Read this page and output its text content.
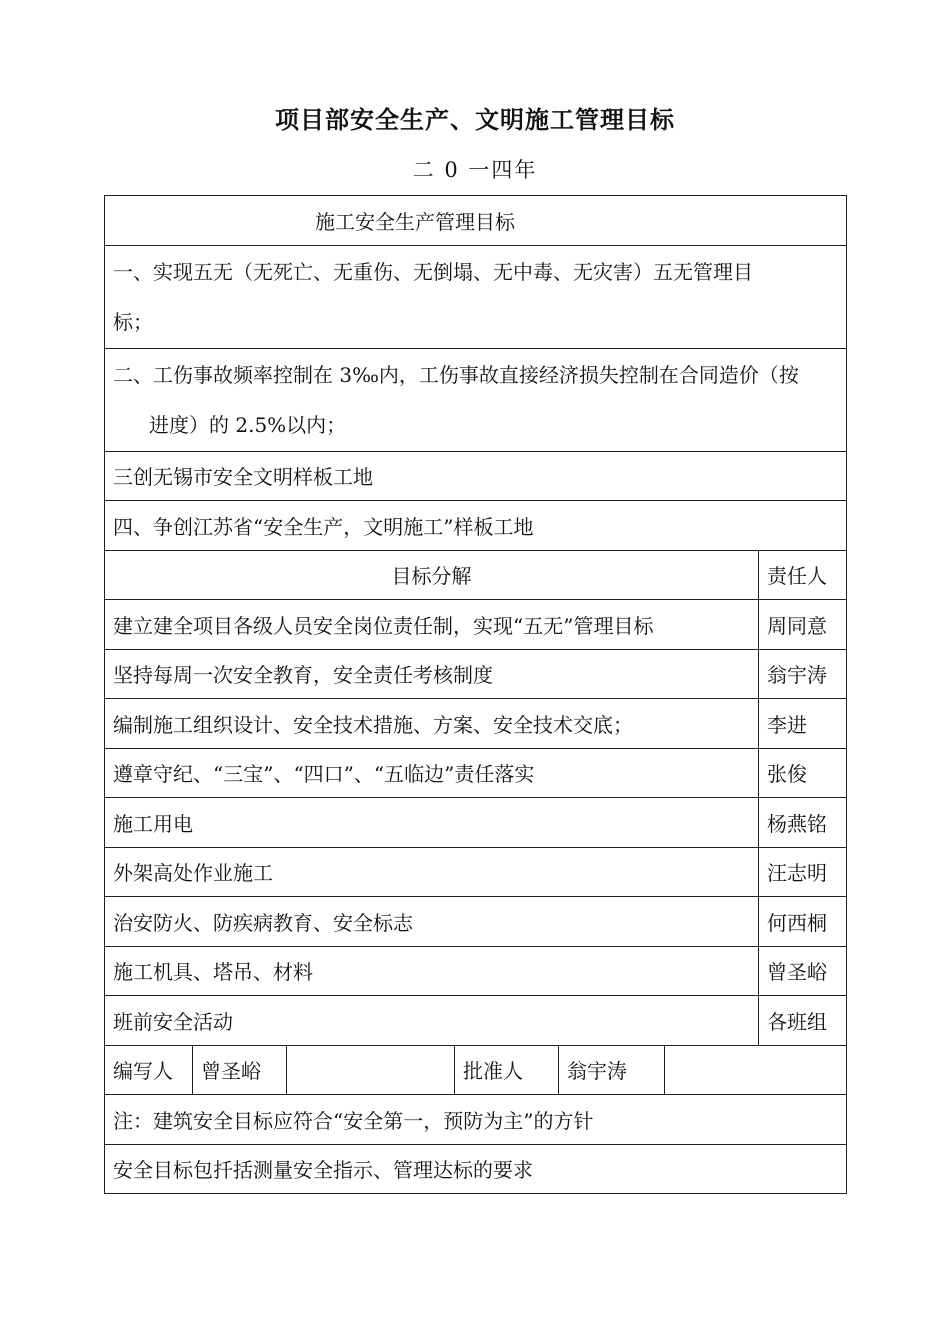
项目部安全生产、文明施工管理目标
二 0 一四年
施工安全生产管理目标						
一、实现五无（无死亡、无重伤、无倒塌、无中毒、无灾害）五无管理目
标；						
二、工伤事故频率控制在 3‰内，工伤事故直接经济损失控制在合同造价（按
进度）的 2.5%以内；						

三创无锡市安全文明样板工地						
四、争创江苏省“安全生产，文明施工”样板工地						
目标分解						责任人
建立建全项目各级人员安全岗位责任制，实现“五无”管理目标						周同意
坚持每周一次安全教育，安全责任考核制度						翁宇涛
编制施工组织设计、安全技术措施、方案、安全技术交底；						李进
遵章守纪、“三宝”、“四口”、“五临边”责任落实						张俊
施工用电						杨燕铭
外架高处作业施工						汪志明
治安防火、防疾病教育、安全标志						何西桐
施工机具、塔吊、材料						曾圣峪
班前安全活动						各班组
编写人	曾圣峪		批准人	翁宇涛		
注：建筑安全目标应符合“安全第一，预防为主”的方针						
安全目标包扦括测量安全指示、管理达标的要求						
